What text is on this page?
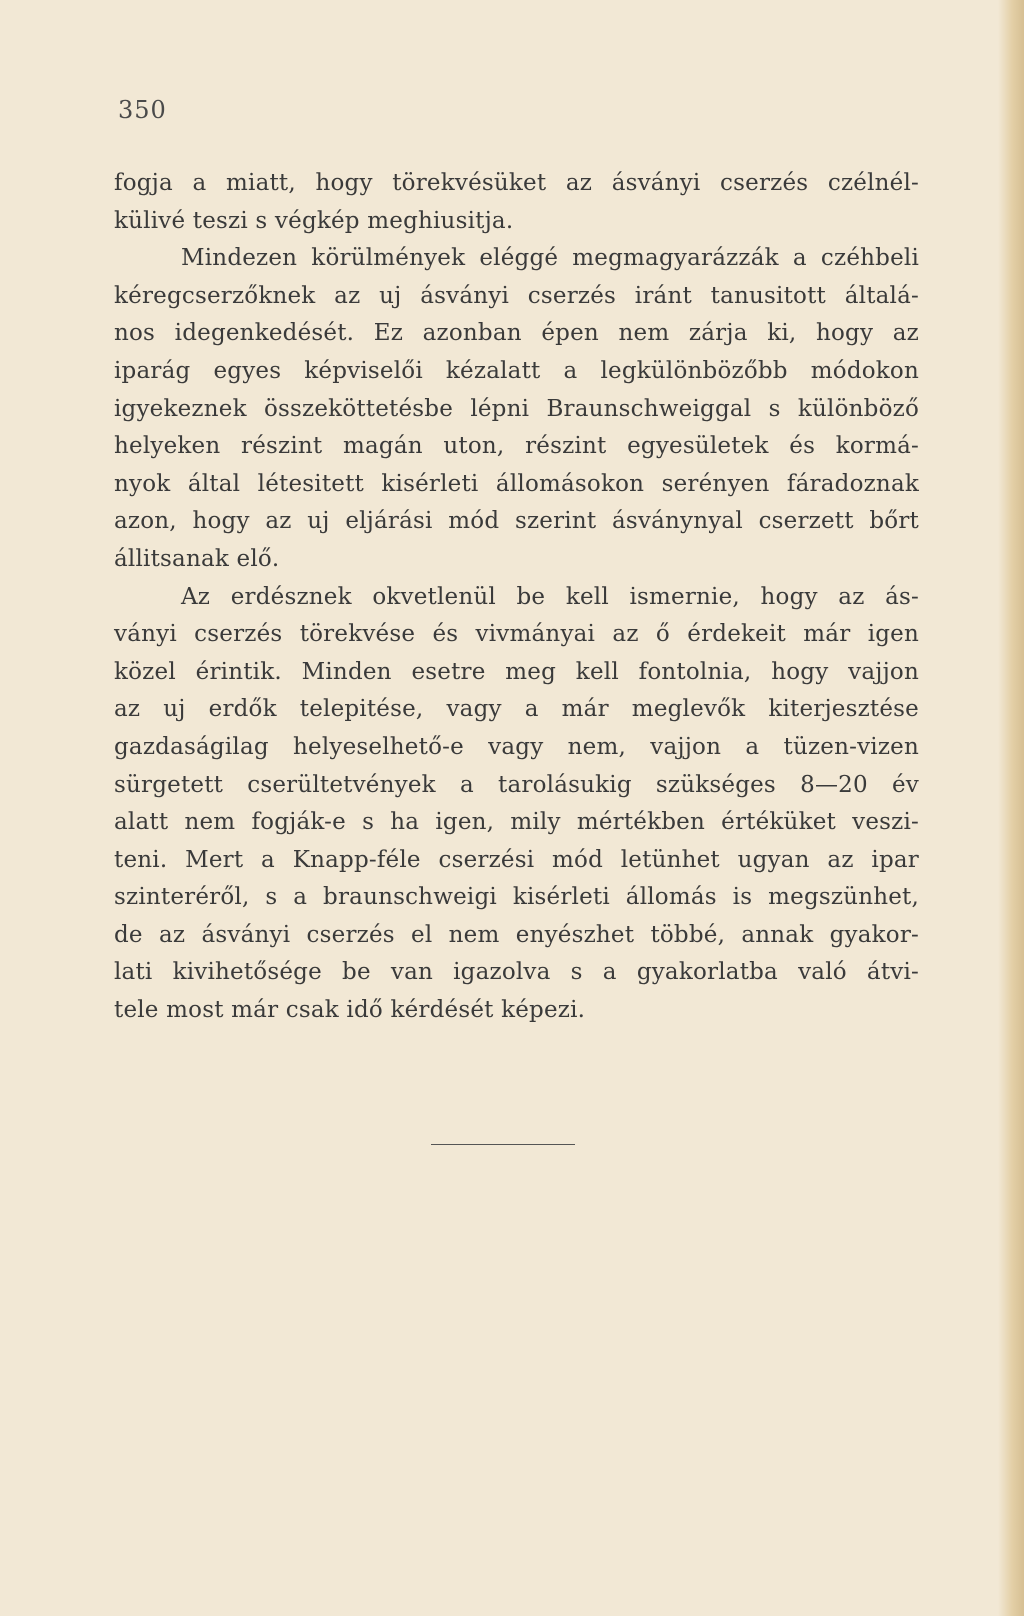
350
fogja a miatt, hogy törekvésüket az ásványi cserzés czélnél-
külivé teszi s végkép meghiusitja.
Mindezen körülmények eléggé megmagyarázzák a czéhbeli
kéregcserzőknek az uj ásványi cserzés iránt tanusitott általá-
nos idegenkedését. Ez azonban épen nem zárja ki, hogy az
iparág egyes képviselői kézalatt a legkülönbözőbb módokon
igyekeznek összeköttetésbe lépni Braunschweiggal s különböző
helyeken részint magán uton, részint egyesületek és kormá-
nyok által létesitett kisérleti állomásokon serényen fáradoznak
azon, hogy az uj eljárási mód szerint ásványnyal cserzett bőrt
állitsanak elő.
Az erdésznek okvetlenül be kell ismernie, hogy az ás-
ványi cserzés törekvése és vivmányai az ő érdekeit már igen
közel érintik. Minden esetre meg kell fontolnia, hogy vajjon
az uj erdők telepitése, vagy a már meglevők kiterjesztése
gazdaságilag helyeselhető-e vagy nem, vajjon a tüzen-vizen
sürgetett cserültetvények a tarolásukig szükséges 8—20 év
alatt nem fogják-e s ha igen, mily mértékben értéküket veszi-
teni. Mert a Knapp-féle cserzési mód letünhet ugyan az ipar
szinteréről, s a braunschweigi kisérleti állomás is megszünhet,
de az ásványi cserzés el nem enyészhet többé, annak gyakor-
lati kivihetősége be van igazolva s a gyakorlatba való átvi-
tele most már csak idő kérdését képezi.
